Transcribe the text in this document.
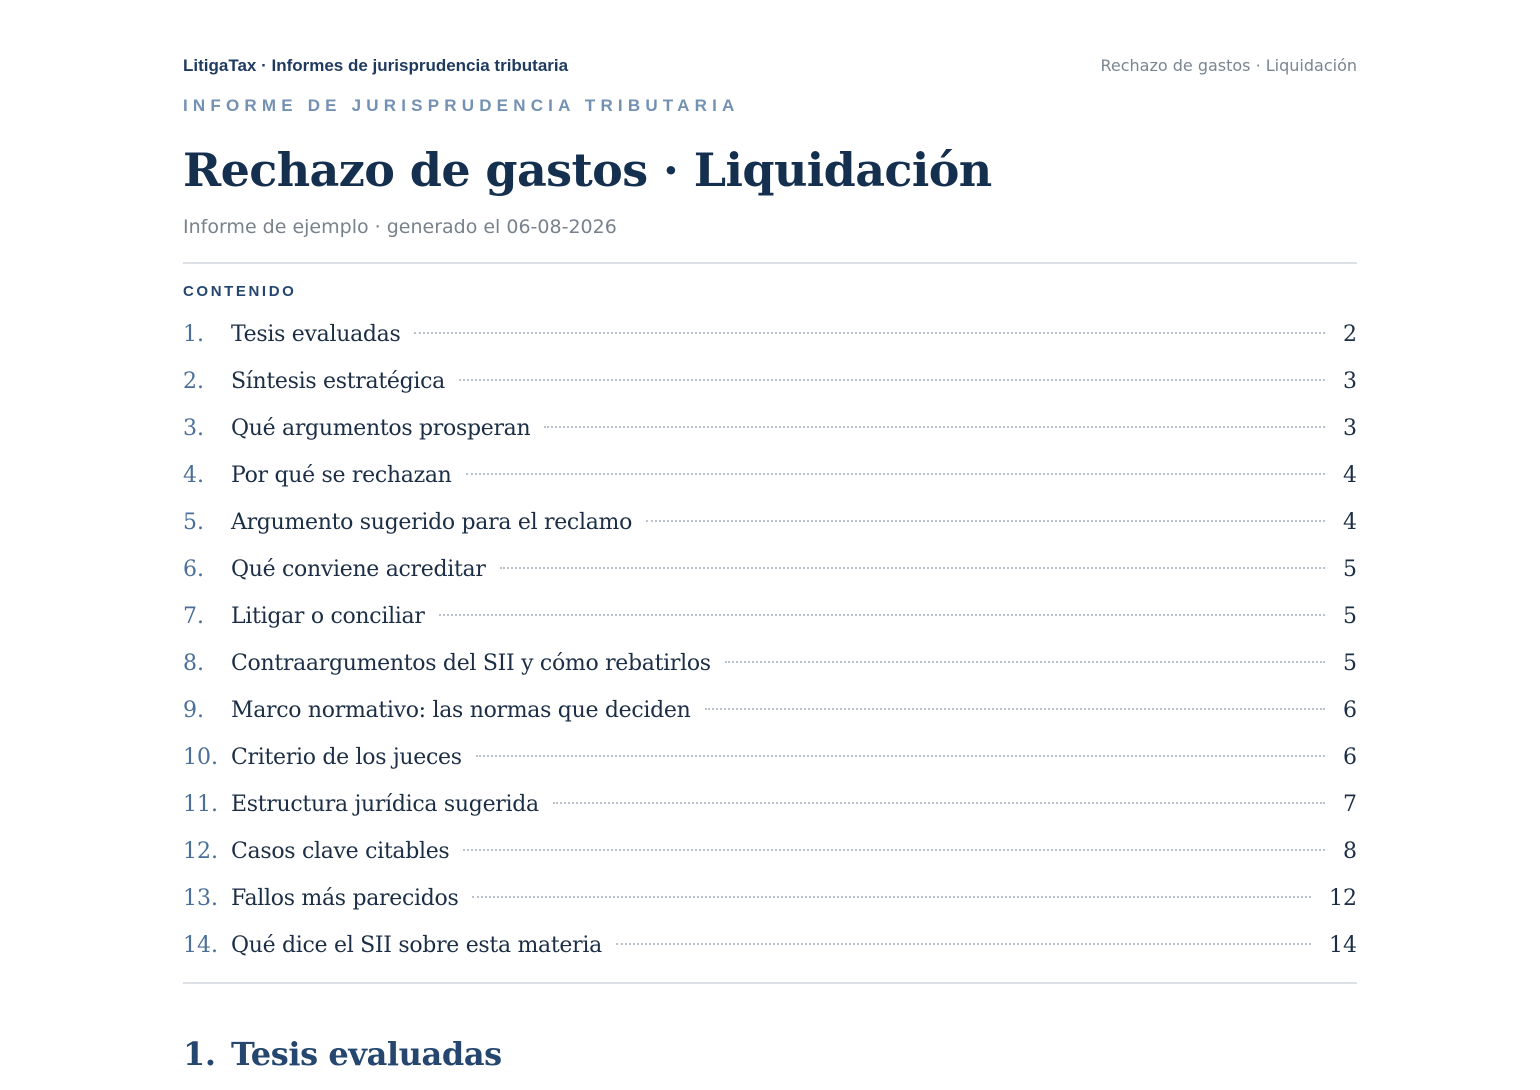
LitigaTax · Informes de jurisprudencia tributaria	Rechazo de gastos · Liquidación
INFORME DE JURISPRUDENCIA TRIBUTARIA
Rechazo de gastos · Liquidación
Informe de ejemplo · generado el 06-08-2026
CONTENIDO
1.	Tesis evaluadas	2
2.	Síntesis estratégica	3
3.	Qué argumentos prosperan	3
4.	Por qué se rechazan	4
5.	Argumento sugerido para el reclamo	4
6.	Qué conviene acreditar	5
7.	Litigar o conciliar	5
8.	Contraargumentos del SII y cómo rebatirlos	5
9.	Marco normativo: las normas que deciden	6
10. Criterio de los jueces	6
11. Estructura jurídica sugerida	7
12. Casos clave citables	8
13. Fallos más parecidos	12
14. Qué dice el SII sobre esta materia	14
1. Tesis evaluadas
